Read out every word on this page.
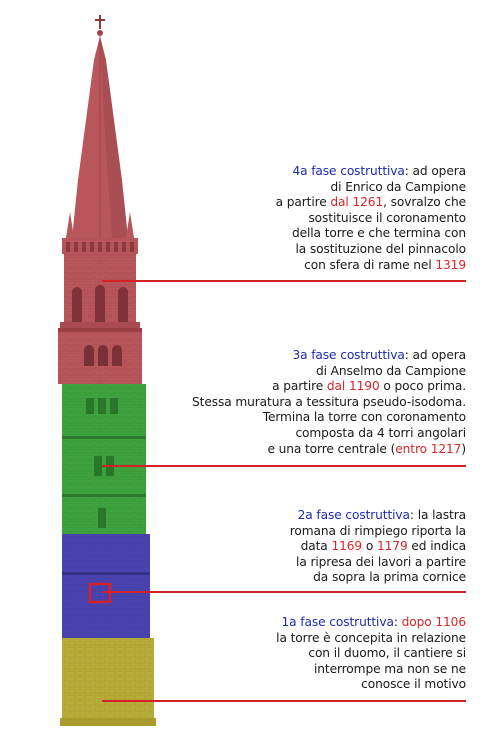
4a fase costruttiva: ad opera
di Enrico da Campione
a partire dal 1261, sovralzo che
sostituisce il coronamento
della torre e che termina con
la sostituzione del pinnacolo
con sfera di rame nel 1319
3a fase costruttiva: ad opera
di Anselmo da Campione
a partire dal 1190 o poco prima.
Stessa muratura a tessitura pseudo-isodoma.
Termina la torre con coronamento
composta da 4 torri angolari
e una torre centrale (entro 1217)
2a fase costruttiva: la lastra
romana di rimpiego riporta la
data 1169 o 1179 ed indica
la ripresa dei lavori a partire
da sopra la prima cornice
1a fase costruttiva: dopo 1106
la torre è concepita in relazione
con il duomo, il cantiere si
interrompe ma non se ne
conosce il motivo
